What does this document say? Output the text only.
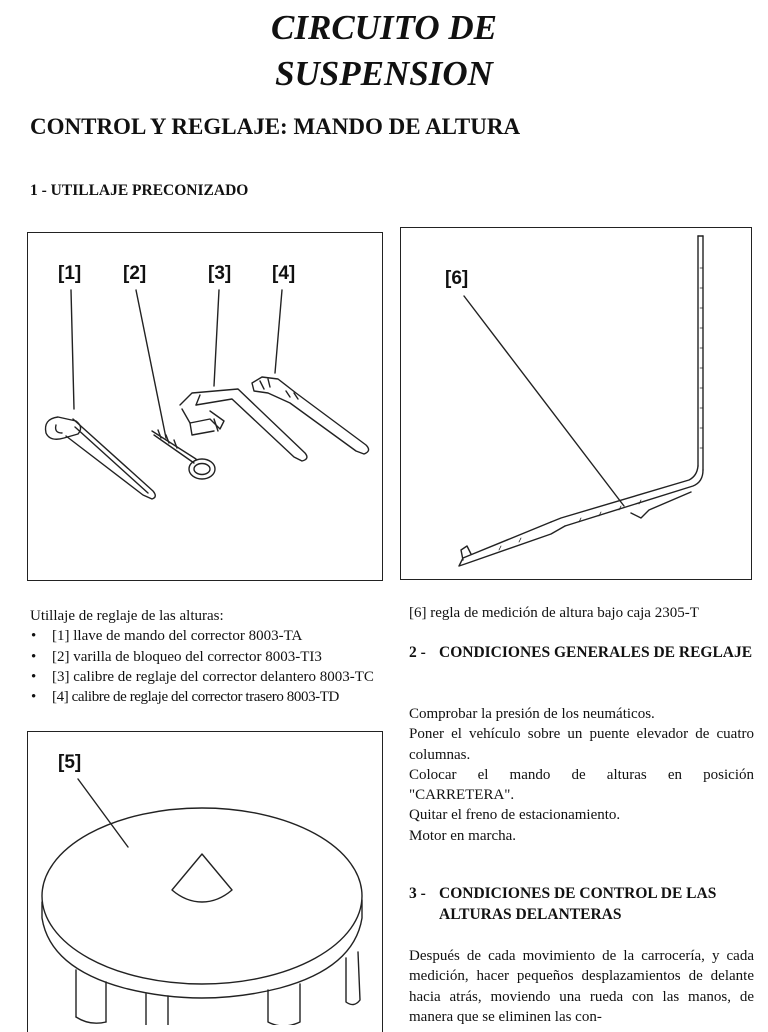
CIRCUITO DE
SUSPENSION
CONTROL Y REGLAJE: MANDO DE ALTURA
1 - UTILLAJE PRECONIZADO
[1] [2]	[3] [4]	[6]
Utillaje de reglaje de las alturas:
• [1] llave de mando del corrector 8003-TA
• [2] varilla de bloqueo del corrector 8003-TI3
• [3] calibre de reglaje del corrector delantero 8003-TC
• [4] calibre de reglaje del corrector trasero 8003-TD
[6] regla de medición de altura bajo caja 2305-T
2 - CONDICIONES GENERALES DE REGLAJE
Comprobar la presión de los neumáticos.
Poner el vehículo sobre un puente elevador de cuatro columnas.
Colocar el mando de alturas en posición "CARRETERA".
Quitar el freno de estacionamiento.
Motor en marcha.
3 - CONDICIONES DE CONTROL DE LAS ALTURAS DELANTERAS
Después de cada movimiento de la carrocería, y cada medición, hacer pequeños desplazamientos de delante hacia atrás, moviendo una rueda con las manos, de manera que se eliminen las con-
[5]
